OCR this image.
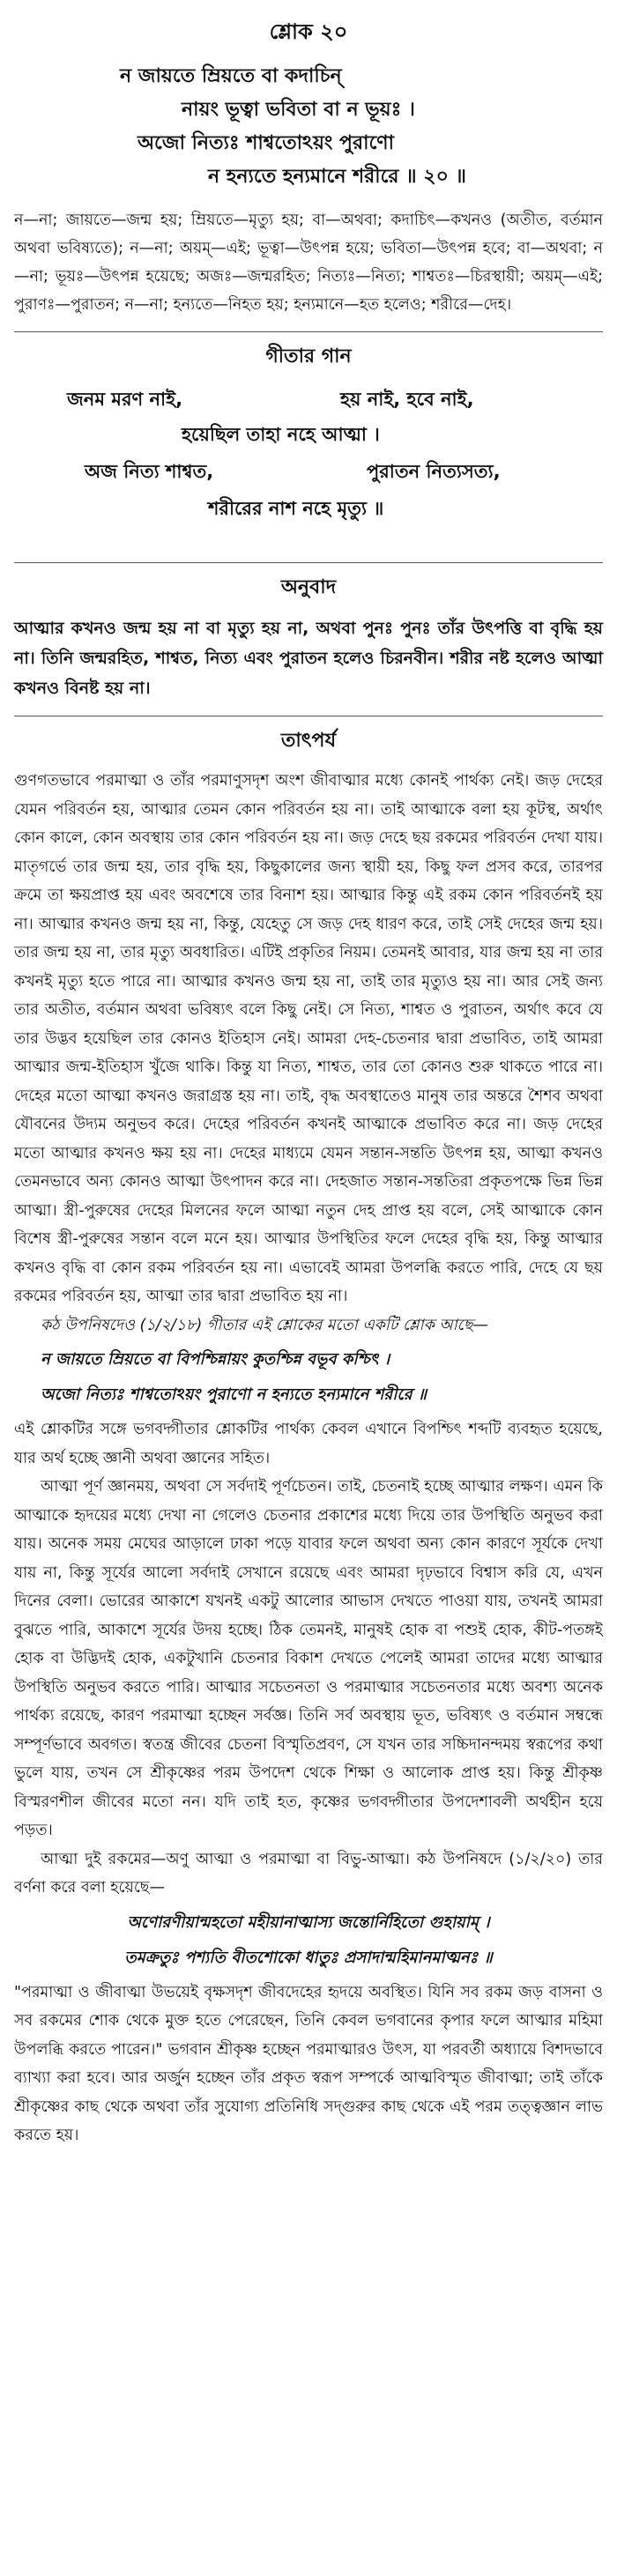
শ্লোক ২০
ন জায়তে ম্রিয়তে বা কদাচিন্‌
নায়ং ভূত্বা ভবিতা বা ন ভূয়ঃ ।
অজো নিত্যঃ শাশ্বতোঽয়ং পুরাণো
ন হন্যতে হন্যমানে শরীরে ॥ ২০ ॥
ন—না; জায়তে—জন্ম হয়; ম্রিয়তে—মৃত্যু হয়; বা—অথবা; কদাচিৎ—কখনও (অতীত, বর্তমান অথবা ভবিষ্যতে); ন—না; অয়ম্‌—এই; ভূত্বা—উৎপন্ন হয়ে; ভবিতা—উৎপন্ন হবে; বা—অথবা; ন—না; ভূয়ঃ—উৎপন্ন হয়েছে; অজঃ—জন্মরহিত; নিত্যঃ—নিত্য; শাশ্বতঃ—চিরস্থায়ী; অয়ম্‌—এই; পুরাণঃ—পুরাতন; ন—না; হন্যতে—নিহত হয়; হন্যমানে—হত হলেও; শরীরে—দেহ।
গীতার গান
জনম মরণ নাই,	হয় নাই, হবে নাই,
হয়েছিল তাহা নহে আত্মা ।
অজ নিত্য শাশ্বত,	পুরাতন নিত্যসত্য,
শরীরের নাশ নহে মৃত্যু ॥
অনুবাদ
আত্মার কখনও জন্ম হয় না বা মৃত্যু হয় না, অথবা পুনঃ পুনঃ তাঁর উৎপত্তি বা বৃদ্ধি হয় না। তিনি জন্মরহিত, শাশ্বত, নিত্য এবং পুরাতন হলেও চিরনবীন। শরীর নষ্ট হলেও আত্মা কখনও বিনষ্ট হয় না।
তাৎপর্য

গুণগতভাবে পরমাত্মা ও তাঁর পরমাণুসদৃশ অংশ জীবাত্মার মধ্যে কোনই পার্থক্য নেই। জড় দেহের যেমন পরিবর্তন হয়, আত্মার তেমন কোন পরিবর্তন হয় না। তাই আত্মাকে বলা হয় কূটস্থ, অর্থাৎ কোন কালে, কোন অবস্থায় তার কোন পরিবর্তন হয় না। জড় দেহে ছয় রকমের পরিবর্তন দেখা যায়। মাতৃগর্ভে তার জন্ম হয়, তার বৃদ্ধি হয়, কিছুকালের জন্য স্থায়ী হয়, কিছু ফল প্রসব করে, তারপর ক্রমে তা ক্ষয়প্রাপ্ত হয় এবং অবশেষে তার বিনাশ হয়। আত্মার কিন্তু এই রকম কোন পরিবর্তনই হয় না। আত্মার কখনও জন্ম হয় না, কিন্তু, যেহেতু সে জড় দেহ ধারণ করে, তাই সেই দেহের জন্ম হয়। তার জন্ম হয় না, তার মৃত্যু অবধারিত। এটিই প্রকৃতির নিয়ম। তেমনই আবার, যার জন্ম হয় না তার কখনই মৃত্যু হতে পারে না। আত্মার কখনও জন্ম হয় না, তাই তার মৃত্যুও হয় না। আর সেই জন্য তার অতীত, বর্তমান অথবা ভবিষ্যৎ বলে কিছু নেই। সে নিত্য, শাশ্বত ও পুরাতন, অর্থাৎ কবে যে তার উদ্ভব হয়েছিল তার কোনও ইতিহাস নেই। আমরা দেহ-চেতনার দ্বারা প্রভাবিত, তাই আমরা আত্মার জন্ম-ইতিহাস খুঁজে থাকি। কিন্তু যা নিত্য, শাশ্বত, তার তো কোনও শুরু থাকতে পারে না। দেহের মতো আত্মা কখনও জরাগ্রস্ত হয় না। তাই, বৃদ্ধ অবস্থাতেও মানুষ তার অন্তরে শৈশব অথবা যৌবনের উদ্যম অনুভব করে। দেহের পরিবর্তন কখনই আত্মাকে প্রভাবিত করে না। জড় দেহের মতো আত্মার কখনও ক্ষয় হয় না। দেহের মাধ্যমে যেমন সন্তান-সন্ততি উৎপন্ন হয়, আত্মা কখনও তেমনভাবে অন্য কোনও আত্মা উৎপাদন করে না। দেহজাত সন্তান-সন্ততিরা প্রকৃতপক্ষে ভিন্ন ভিন্ন আত্মা। স্ত্রী-পুরুষের দেহের মিলনের ফলে আত্মা নতুন দেহ প্রাপ্ত হয় বলে, সেই আত্মাকে কোন বিশেষ স্ত্রী-পুরুষের সন্তান বলে মনে হয়। আত্মার উপস্থিতির ফলে দেহের বৃদ্ধি হয়, কিন্তু আত্মার কখনও বৃদ্ধি বা কোন রকম পরিবর্তন হয় না। এভাবেই আমরা উপলব্ধি করতে পারি, দেহে যে ছয় রকমের পরিবর্তন হয়, আত্মা তার দ্বারা প্রভাবিত হয় না।

কঠ উপনিষদেও (১/২/১৮) গীতার এই শ্লোকের মতো একটি শ্লোক আছে—

ন জায়তে ম্রিয়তে বা বিপশ্চিন্নায়ং কুতশ্চিন্ন বভূব কশ্চিৎ ।
অজো নিত্যঃ শাশ্বতোঽয়ং পুরাণো ন হন্যতে হন্যমানে শরীরে ॥

এই শ্লোকটির সঙ্গে ভগবদ্গীতার শ্লোকটির পার্থক্য কেবল এখানে বিপশ্চিৎ শব্দটি ব্যবহৃত হয়েছে, যার অর্থ হচ্ছে জ্ঞানী অথবা জ্ঞানের সহিত।

আত্মা পূর্ণ জ্ঞানময়, অথবা সে সর্বদাই পূর্ণচেতন। তাই, চেতনাই হচ্ছে আত্মার লক্ষণ। এমন কি আত্মাকে হৃদয়ের মধ্যে দেখা না গেলেও চেতনার প্রকাশের মধ্যে দিয়ে তার উপস্থিতি অনুভব করা যায়। অনেক সময় মেঘের আড়ালে ঢাকা পড়ে যাবার ফলে অথবা অন্য কোন কারণে সূর্যকে দেখা যায় না, কিন্তু সূর্যের আলো সর্বদাই সেখানে রয়েছে এবং আমরা দৃঢ়ভাবে বিশ্বাস করি যে, এখন দিনের বেলা। ভোরের আকাশে যখনই একটু আলোর আভাস দেখতে পাওয়া যায়, তখনই আমরা বুঝতে পারি, আকাশে সূর্যের উদয় হচ্ছে। ঠিক তেমনই, মানুষই হোক বা পশুই হোক, কীট-পতঙ্গই হোক বা উদ্ভিদই হোক, একটুখানি চেতনার বিকাশ দেখতে পেলেই আমরা তাদের মধ্যে আত্মার উপস্থিতি অনুভব করতে পারি। আত্মার সচেতনতা ও পরমাত্মার সচেতনতার মধ্যে অবশ্য অনেক পার্থক্য রয়েছে, কারণ পরমাত্মা হচ্ছেন সর্বজ্ঞ। তিনি সর্ব অবস্থায় ভূত, ভবিষ্যৎ ও বর্তমান সম্বন্ধে সম্পূর্ণভাবে অবগত। স্বতন্ত্র জীবের চেতনা বিস্মৃতিপ্রবণ, সে যখন তার সচ্চিদানন্দময় স্বরূপের কথা ভুলে যায়, তখন সে শ্রীকৃষ্ণের পরম উপদেশ থেকে শিক্ষা ও আলোক প্রাপ্ত হয়। কিন্তু শ্রীকৃষ্ণ বিস্মরণশীল জীবের মতো নন। যদি তাই হত, কৃষ্ণের ভগবদ্গীতার উপদেশাবলী অর্থহীন হয়ে পড়ত।

আত্মা দুই রকমের—অণু আত্মা ও পরমাত্মা বা বিভু-আত্মা। কঠ উপনিষদে (১/২/২০) তার বর্ণনা করে বলা হয়েছে—

অণোরণীয়ান্মহতো মহীয়ানাত্মাস্য জন্তোর্নিহিতো গুহায়াম্‌ ।
তমক্রতুঃ পশ্যতি বীতশোকো ধাতুঃ প্রসাদান্মহিমানমাত্মনঃ ॥

"পরমাত্মা ও জীবাত্মা উভয়েই বৃক্ষসদৃশ জীবদেহের হৃদয়ে অবস্থিত। যিনি সব রকম জড় বাসনা ও সব রকমের শোক থেকে মুক্ত হতে পেরেছেন, তিনি কেবল ভগবানের কৃপার ফলে আত্মার মহিমা উপলব্ধি করতে পারেন।" ভগবান শ্রীকৃষ্ণ হচ্ছেন পরমাত্মারও উৎস, যা পরবর্তী অধ্যায়ে বিশদভাবে ব্যাখ্যা করা হবে। আর অর্জুন হচ্ছেন তাঁর প্রকৃত স্বরূপ সম্পর্কে আত্মবিস্মৃত জীবাত্মা; তাই তাঁকে শ্রীকৃষ্ণের কাছ থেকে অথবা তাঁর সুযোগ্য প্রতিনিধি সদ্গুরুর কাছ থেকে এই পরম তত্ত্বজ্ঞান লাভ করতে হয়।
